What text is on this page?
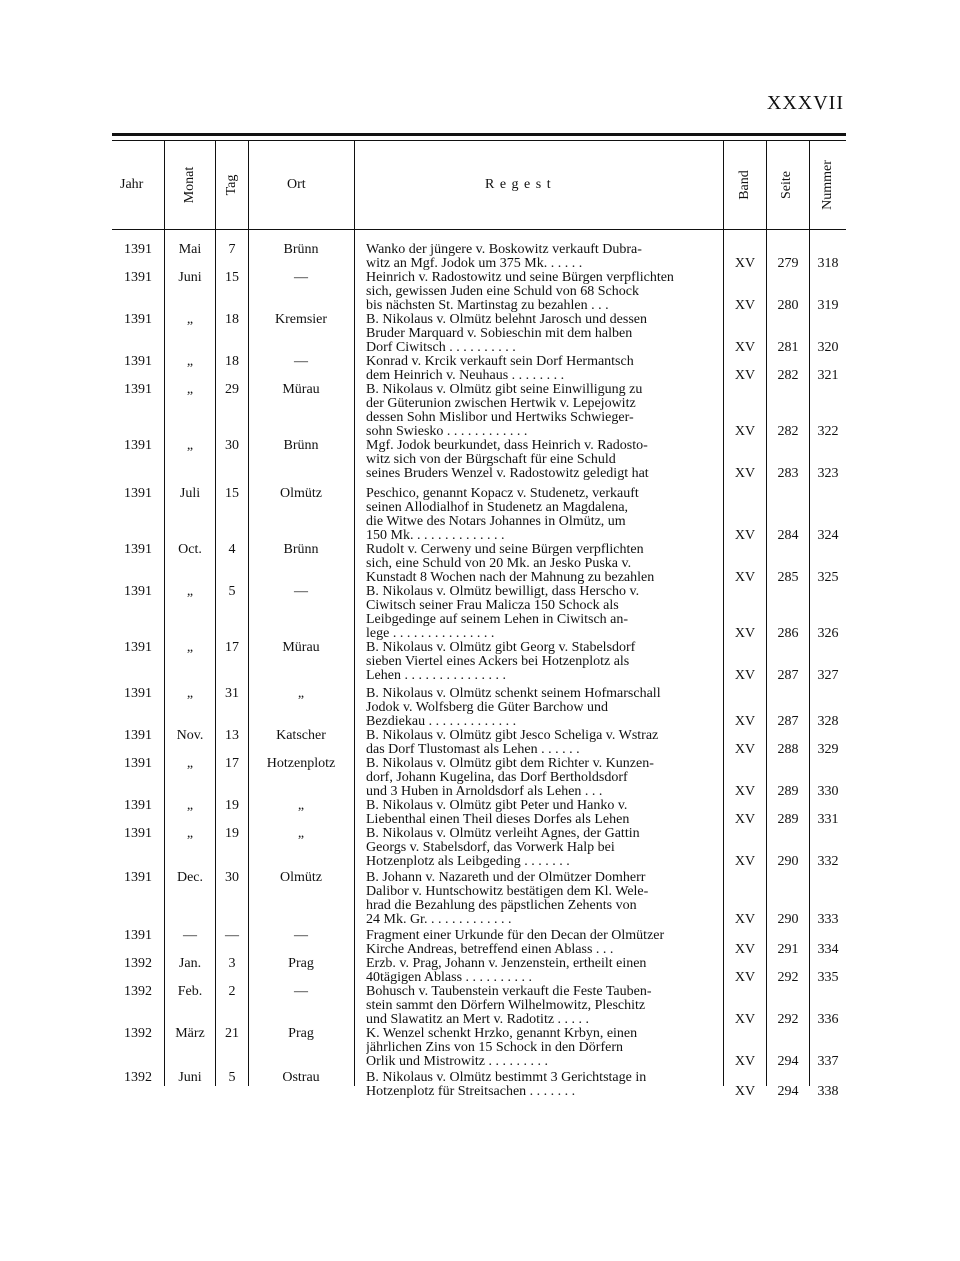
XXXVII
Jahr	Monat Tag	Ort	R e g e s t	Band Seite Nummer
1391	Mai	7	Brünn	Wanko der jüngere v. Boskowitz verkauft Dubra-
witz an Mgf. Jodok um 375 Mk. . . . . .	XV	279	318
1391	Juni	15	—	Heinrich v. Radostowitz und seine Bürgen verpflichten
sich, gewissen Juden eine Schuld von 68 Schock
bis nächsten St. Martinstag zu bezahlen . . .	XV	280	319
1391	„	18	Kremsier	B. Nikolaus v. Olmütz belehnt Jarosch und dessen
Bruder Marquard v. Sobieschin mit dem halben
Dorf Ciwitsch . . . . . . . . . .	XV	281	320
1391	„	18	—	Konrad v. Krcik verkauft sein Dorf Hermantsch
dem Heinrich v. Neuhaus . . . . . . . .	XV	282	321
1391	„	29	Mürau	B. Nikolaus v. Olmütz gibt seine Einwilligung zu
der Güterunion zwischen Hertwik v. Lepejowitz
dessen Sohn Mislibor und Hertwiks Schwieger-
sohn Swiesko . . . . . . . . . . . .	XV	282	322
1391	„	30	Brünn	Mgf. Jodok beurkundet, dass Heinrich v. Radosto-
witz sich von der Bürgschaft für eine Schuld
seines Bruders Wenzel v. Radostowitz geledigt hat	XV	283	323
1391	Juli	15	Olmütz	Peschico, genannt Kopacz v. Studenetz, verkauft
seinen Allodialhof in Studenetz an Magdalena,
die Witwe des Notars Johannes in Olmütz, um
150 Mk. . . . . . . . . . . . . .	XV	284	324
1391	Oct.	4	Brünn	Rudolt v. Cerweny und seine Bürgen verpflichten
sich, eine Schuld von 20 Mk. an Jesko Puska v.
Kunstadt 8 Wochen nach der Mahnung zu bezahlen	XV	285	325
1391	„	5	—	B. Nikolaus v. Olmütz bewilligt, dass Herscho v.
Ciwitsch seiner Frau Malicza 150 Schock als
Leibgedinge auf seinem Lehen in Ciwitsch an-
lege . . . . . . . . . . . . . . .	XV	286	326
1391	„	17	Mürau	B. Nikolaus v. Olmütz gibt Georg v. Stabelsdorf
sieben Viertel eines Ackers bei Hotzenplotz als
Lehen . . . . . . . . . . . . . . .	XV	287	327
1391	„	31	„	B. Nikolaus v. Olmütz schenkt seinem Hofmarschall
Jodok v. Wolfsberg die Güter Barchow und
Bezdiekau . . . . . . . . . . . . .	XV	287	328
1391	Nov.	13	Katscher	B. Nikolaus v. Olmütz gibt Jesco Scheliga v. Wstraz
das Dorf Tlustomast als Lehen . . . . . .	XV	288	329
1391	„	17	Hotzenplotz	B. Nikolaus v. Olmütz gibt dem Richter v. Kunzen-
dorf, Johann Kugelina, das Dorf Bertholdsdorf
und 3 Huben in Arnoldsdorf als Lehen . . .	XV	289	330
1391	„	19	„	B. Nikolaus v. Olmütz gibt Peter und Hanko v.
Liebenthal einen Theil dieses Dorfes als Lehen	XV	289	331
1391	„	19	„	B. Nikolaus v. Olmütz verleiht Agnes, der Gattin
Georgs v. Stabelsdorf, das Vorwerk Halp bei
Hotzenplotz als Leibgeding . . . . . . .	XV	290	332
1391	Dec.	30	Olmütz	B. Johann v. Nazareth und der Olmützer Domherr
Dalibor v. Huntschowitz bestätigen dem Kl. Wele-
hrad die Bezahlung des päpstlichen Zehents von
24 Mk. Gr. . . . . . . . . . . . .	XV	290	333
1391	—	—	—	Fragment einer Urkunde für den Decan der Olmützer
Kirche Andreas, betreffend einen Ablass . . .	XV	291	334
1392	Jan.	3	Prag	Erzb. v. Prag, Johann v. Jenzenstein, ertheilt einen
40tägigen Ablass . . . . . . . . . .	XV	292	335
1392	Feb.	2	—	Bohusch v. Taubenstein verkauft die Feste Tauben-
stein sammt den Dörfern Wilhelmowitz, Pleschitz
und Slawatitz an Mert v. Radotitz . . . . .	XV	292	336
1392	März	21	Prag	K. Wenzel schenkt Hrzko, genannt Krbyn, einen
jährlichen Zins von 15 Schock in den Dörfern
Orlik und Mistrowitz . . . . . . . . .	XV	294	337
1392	Juni	5	Ostrau	B. Nikolaus v. Olmütz bestimmt 3 Gerichtstage in
Hotzenplotz für Streitsachen . . . . . . .	XV	294	338
